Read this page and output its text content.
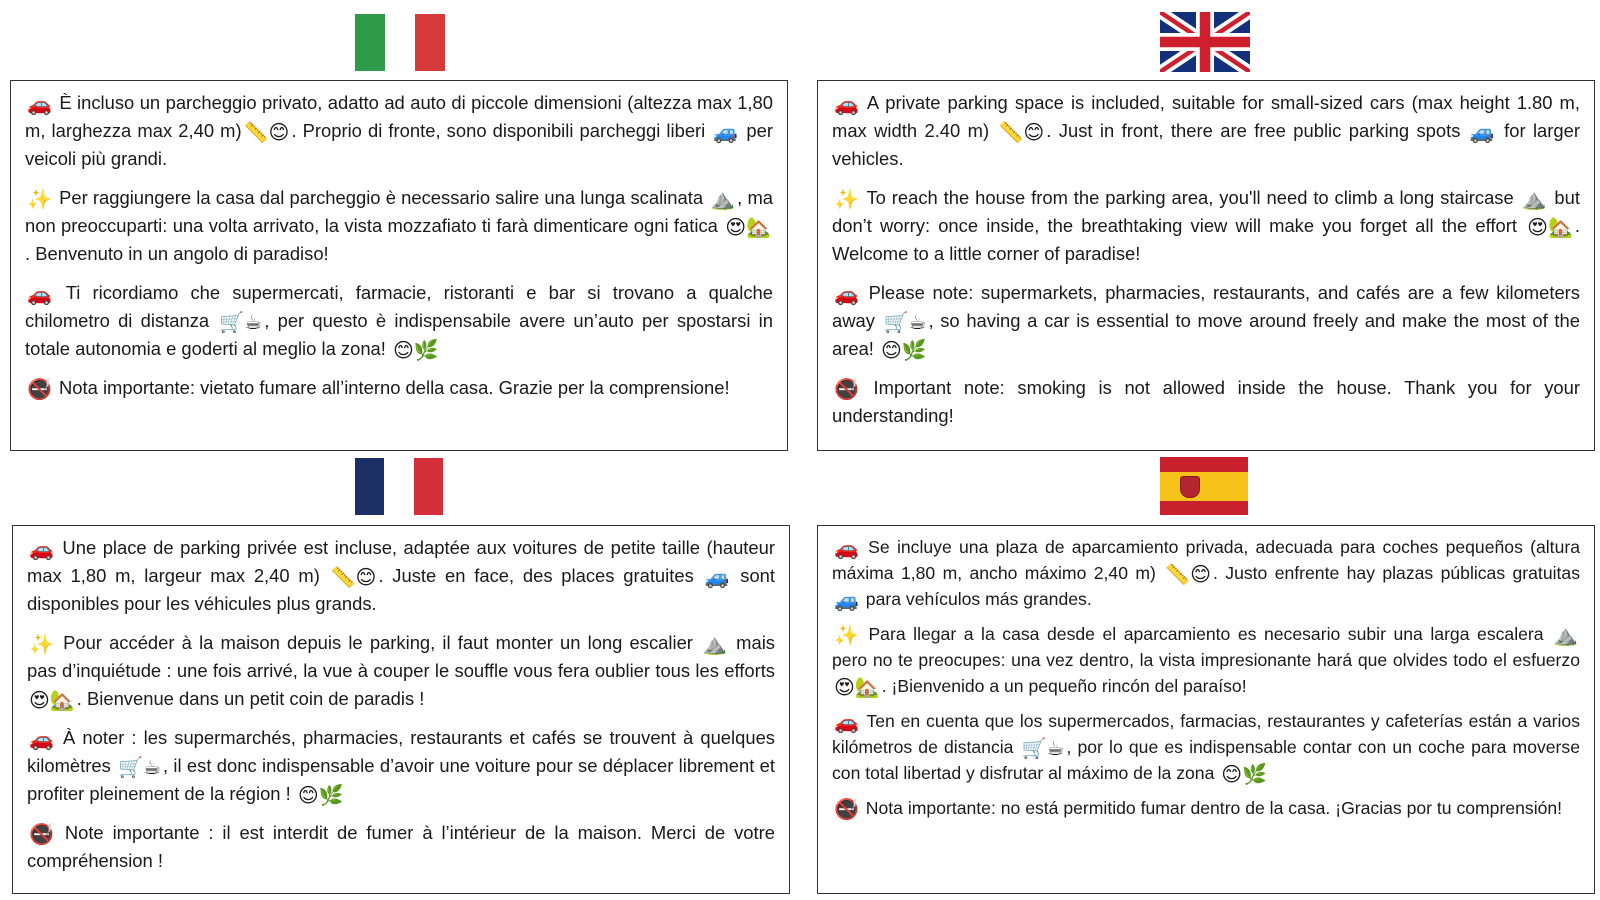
🚗 È incluso un parcheggio privato, adatto ad auto di piccole dimensioni (altezza max 1,80 m, larghezza max 2,40 m) 📏😊 . Proprio di fronte, sono disponibili parcheggi liberi 🚙 per veicoli più grandi.

✨ Per raggiungere la casa dal parcheggio è necessario salire una lunga scalinata ⛰️ , ma non preoccuparti: una volta arrivato, la vista mozzafiato ti farà dimenticare ogni fatica 😍🏡. Benvenuto in un angolo di paradiso!

🚗 Ti ricordiamo che supermercati, farmacie, ristoranti e bar si trovano a qualche chilometro di distanza 🛒☕ , per questo è indispensabile avere un’auto per spostarsi in totale autonomia e goderti al meglio la zona! 😊🌿

🚭 Nota importante: vietato fumare all’interno della casa. Grazie per la comprensione!

🚗 A private parking space is included, suitable for small-sized cars (max height 1.80 m, max width 2.40 m) 📏😊 . Just in front, there are free public parking spots 🚙 for larger vehicles.

✨ To reach the house from the parking area, you'll need to climb a long staircase ⛰️ but don’t worry: once inside, the breathtaking view will make you forget all the effort 😍🏡 . Welcome to a little corner of paradise!

🚗 Please note: supermarkets, pharmacies, restaurants, and cafés are a few kilometers away 🛒☕ , so having a car is essential to move around freely and make the most of the area! 😊🌿

🚭 Important note: smoking is not allowed inside the house. Thank you for your understanding!

🚗 Une place de parking privée est incluse, adaptée aux voitures de petite taille (hauteur max 1,80 m, largeur max 2,40 m) 📏😊 . Juste en face, des places gratuites 🚙 sont disponibles pour les véhicules plus grands.

✨ Pour accéder à la maison depuis le parking, il faut monter un long escalier ⛰️ mais pas d’inquiétude : une fois arrivé, la vue à couper le souffle vous fera oublier tous les efforts 😍🏡 . Bienvenue dans un petit coin de paradis !

🚗 À noter : les supermarchés, pharmacies, restaurants et cafés se trouvent à quelques kilomètres 🛒☕ , il est donc indispensable d’avoir une voiture pour se déplacer librement et profiter pleinement de la région ! 😊🌿

🚭 Note importante : il est interdit de fumer à l’intérieur de la maison. Merci de votre compréhension !

🚗 Se incluye una plaza de aparcamiento privada, adecuada para coches pequeños (altura máxima 1,80 m, ancho máximo 2,40 m) 📏😊 . Justo enfrente hay plazas públicas gratuitas 🚙 para vehículos más grandes.

✨ Para llegar a la casa desde el aparcamiento es necesario subir una larga escalera ⛰️ pero no te preocupes: una vez dentro, la vista impresionante hará que olvides todo el esfuerzo 😍🏡 . ¡Bienvenido a un pequeño rincón del paraíso!

🚗 Ten en cuenta que los supermercados, farmacias, restaurantes y cafeterías están a varios kilómetros de distancia 🛒☕ , por lo que es indispensable contar con un coche para moverse con total libertad y disfrutar al máximo de la zona 😊🌿

🚭 Nota importante: no está permitido fumar dentro de la casa. ¡Gracias por tu comprensión!
